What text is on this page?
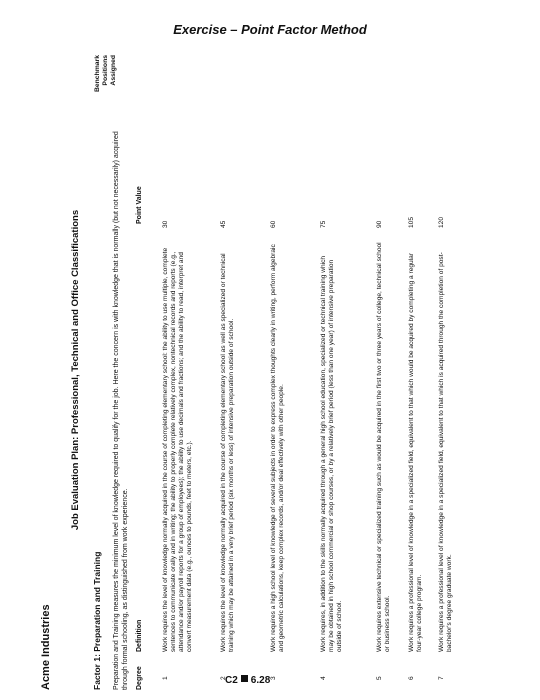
Exercise – Point Factor Method
Acme Industries
Job Evaluation Plan: Professional, Technical and Office Classifications
Factor 1: Preparation and Training Preparation and Training measures the minimum level of knowledge required to qualify for the job. Here the concern is with knowledge that is normally (but not necessarily) acquired through formal schooling, as distinguished from work experience.
Benchmark Positions Assigned
Degree
Definition
Point Value
1
Work requires the level of knowledge normally acquired in the course of completing elementary school: the ability to use multiple, complete sentences to communicate orally and in writing; the ability to properly complete relatively complex, nontechnical records and reports (e.g., attendance and/or payroll reports for a group of employees); the ability to use decimals and fractions; and the ability to read, interpret and convert measurement data (e.g., ounces to pounds, feet to meters, etc.).
30
2
Work requires the level of knowledge normally acquired in the course of completing elementary school as well as specialized or technical training which may be attained in a very brief period (six months or less) of intensive preparation outside of school.
45
3
Work requires a high school level of knowledge of several subjects in order to express complex thoughts clearly in writing, perform algebraic and geometric calculations, keep complex records, and/or deal effectively with other people.
60
4
Work requires, in addition to the skills normally acquired through a general high school education, specialized or technical training which may be obtained in high school commercial or shop courses, or by a relatively brief period (less than one year) of intensive preparation outside of school.
75
5
Work requires extensive technical or specialized training such as would be acquired in the first two or three years of college, technical school or business school.
90
6
Work requires a professional level of knowledge in a specialized field, equivalent to that which would be acquired by completing a regular four-year college program.
105
7
Work requires a professional level of knowledge in a specialized field, equivalent to that which is acquired through the completion of post-bachelor's degree graduate work.
120
C2 6.28
